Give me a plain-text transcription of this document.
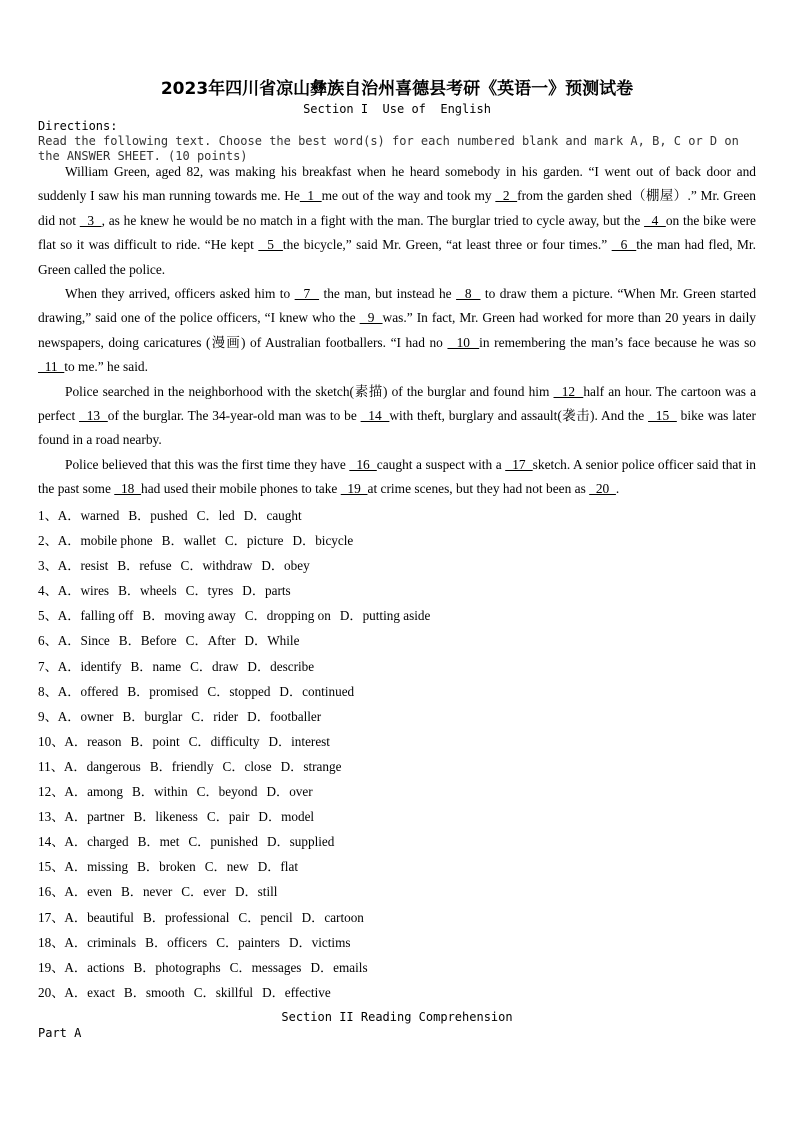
2023年四川省凉山彝族自治州喜德县考研《英语一》预测试卷
Section I  Use of  English
Directions:
Read the following text. Choose the best word(s) for each numbered blank and mark A, B, C or D on the ANSWER SHEET. (10 points)

William Green, aged 82, was making his breakfast when he heard somebody in his garden. “I went out of back door and suddenly I saw his man running towards me. He  1  me out of the way and took my   2  from the garden shed（棚屋）.” Mr. Green did not   3  , as he knew he would be no match in a fight with the man. The burglar tried to cycle away, but the   4  on the bike were flat so it was difficult to ride. “He kept   5  the bicycle,” said Mr. Green, “at least three or four times.”   6  the man had fled, Mr. Green called the police.

When they arrived, officers asked him to   7   the man, but instead he   8   to draw them a picture. “When Mr. Green started drawing,” said one of the police officers, “I knew who the   9  was.” In fact, Mr. Green had worked for more than 20 years in daily newspapers, doing caricatures (漫画) of Australian footballers. “I had no   10  in remembering the man’s face because he was so   11  to me.” he said.

Police searched in the neighborhood with the sketch(素描) of the burglar and found him   12  half an hour. The cartoon was a perfect   13  of the burglar. The 34-year-old man was to be   14  with theft, burglary and assault(袭击). And the   15   bike was later found in a road nearby.

Police believed that this was the first time they have   16  caught a suspect with a   17  sketch. A senior police officer said that in the past some   18  had used their mobile phones to take   19  at crime scenes, but they had not been as   20  .

1、A．warned B．pushed C．led D．caught
2、A．mobile phone B．wallet C．picture D．bicycle
3、A．resist B．refuse C．withdraw D．obey
4、A．wires B．wheels C．tyres D．parts
5、A．falling off B．moving away C．dropping on D．putting aside
6、A．Since B．Before C．After D．While
7、A．identify B．name C．draw D．describe
8、A．offered B．promised C．stopped D．continued
9、A．owner B．burglar C．rider D．footballer
10、A．reason B．point C．difficulty D．interest
11、A．dangerous B．friendly C．close D．strange
12、A．among B．within C．beyond D．over
13、A．partner B．likeness C．pair D．model
14、A．charged B．met C．punished D．supplied
15、A．missing B．broken C．new D．flat
16、A．even B．never C．ever D．still
17、A．beautiful B．professional C．pencil D．cartoon
18、A．criminals B．officers C．painters D．victims
19、A．actions B．photographs C．messages D．emails
20、A．exact B．smooth C．skillful D．effective
Section II Reading Comprehension
Part A
